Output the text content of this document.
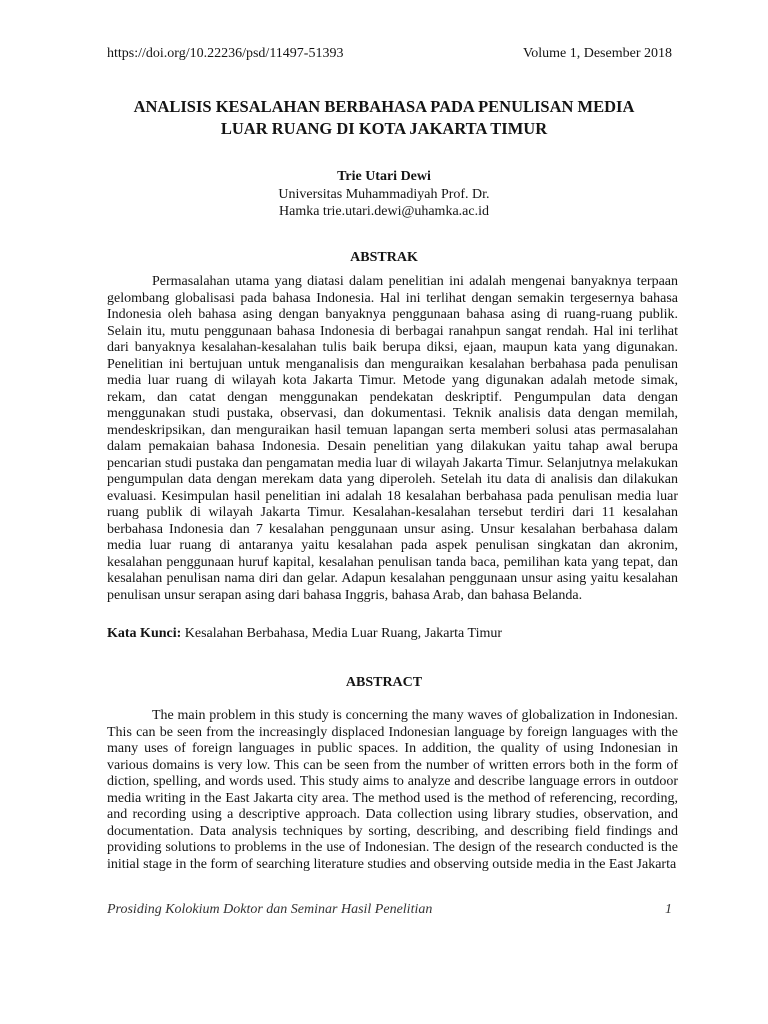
https://doi.org/10.22236/psd/11497-51393	Volume 1, Desember 2018
ANALISIS KESALAHAN BERBAHASA PADA PENULISAN MEDIA
LUAR RUANG DI KOTA JAKARTA TIMUR
Trie Utari Dewi
Universitas Muhammadiyah Prof. Dr.
Hamka trie.utari.dewi@uhamka.ac.id
ABSTRAK

Permasalahan utama yang diatasi dalam penelitian ini adalah mengenai banyaknya terpaan gelombang globalisasi pada bahasa Indonesia. Hal ini terlihat dengan semakin tergesernya bahasa Indonesia oleh bahasa asing dengan banyaknya penggunaan bahasa asing di ruang-ruang publik. Selain itu, mutu penggunaan bahasa Indonesia di berbagai ranahpun sangat rendah. Hal ini terlihat dari banyaknya kesalahan-kesalahan tulis baik berupa diksi, ejaan, maupun kata yang digunakan. Penelitian ini bertujuan untuk menganalisis dan menguraikan kesalahan berbahasa pada penulisan media luar ruang di wilayah kota Jakarta Timur. Metode yang digunakan adalah metode simak, rekam, dan catat dengan menggunakan pendekatan deskriptif. Pengumpulan data dengan menggunakan studi pustaka, observasi, dan dokumentasi. Teknik analisis data dengan memilah, mendeskripsikan, dan menguraikan hasil temuan lapangan serta memberi solusi atas permasalahan dalam pemakaian bahasa Indonesia. Desain penelitian yang dilakukan yaitu tahap awal berupa pencarian studi pustaka dan pengamatan media luar di wilayah Jakarta Timur. Selanjutnya melakukan pengumpulan data dengan merekam data yang diperoleh. Setelah itu data di analisis dan dilakukan evaluasi. Kesimpulan hasil penelitian ini adalah 18 kesalahan berbahasa pada penulisan media luar ruang publik di wilayah Jakarta Timur. Kesalahan-kesalahan tersebut terdiri dari 11 kesalahan berbahasa Indonesia dan 7 kesalahan penggunaan unsur asing. Unsur kesalahan berbahasa dalam media luar ruang di antaranya yaitu kesalahan pada aspek penulisan singkatan dan akronim, kesalahan penggunaan huruf kapital, kesalahan penulisan tanda baca, pemilihan kata yang tepat, dan kesalahan penulisan nama diri dan gelar. Adapun kesalahan penggunaan unsur asing yaitu kesalahan penulisan unsur serapan asing dari bahasa Inggris, bahasa Arab, dan bahasa Belanda.

Kata Kunci: Kesalahan Berbahasa, Media Luar Ruang, Jakarta Timur
ABSTRACT

The main problem in this study is concerning the many waves of globalization in Indonesian. This can be seen from the increasingly displaced Indonesian language by foreign languages with the many uses of foreign languages in public spaces. In addition, the quality of using Indonesian in various domains is very low. This can be seen from the number of written errors both in the form of diction, spelling, and words used. This study aims to analyze and describe language errors in outdoor media writing in the East Jakarta city area. The method used is the method of referencing, recording, and recording using a descriptive approach. Data collection using library studies, observation, and documentation. Data analysis techniques by sorting, describing, and describing field findings and providing solutions to problems in the use of Indonesian. The design of the research conducted is the initial stage in the form of searching literature studies and observing outside media in the East Jakarta

Prosiding Kolokium Doktor dan Seminar Hasil Penelitian	1
